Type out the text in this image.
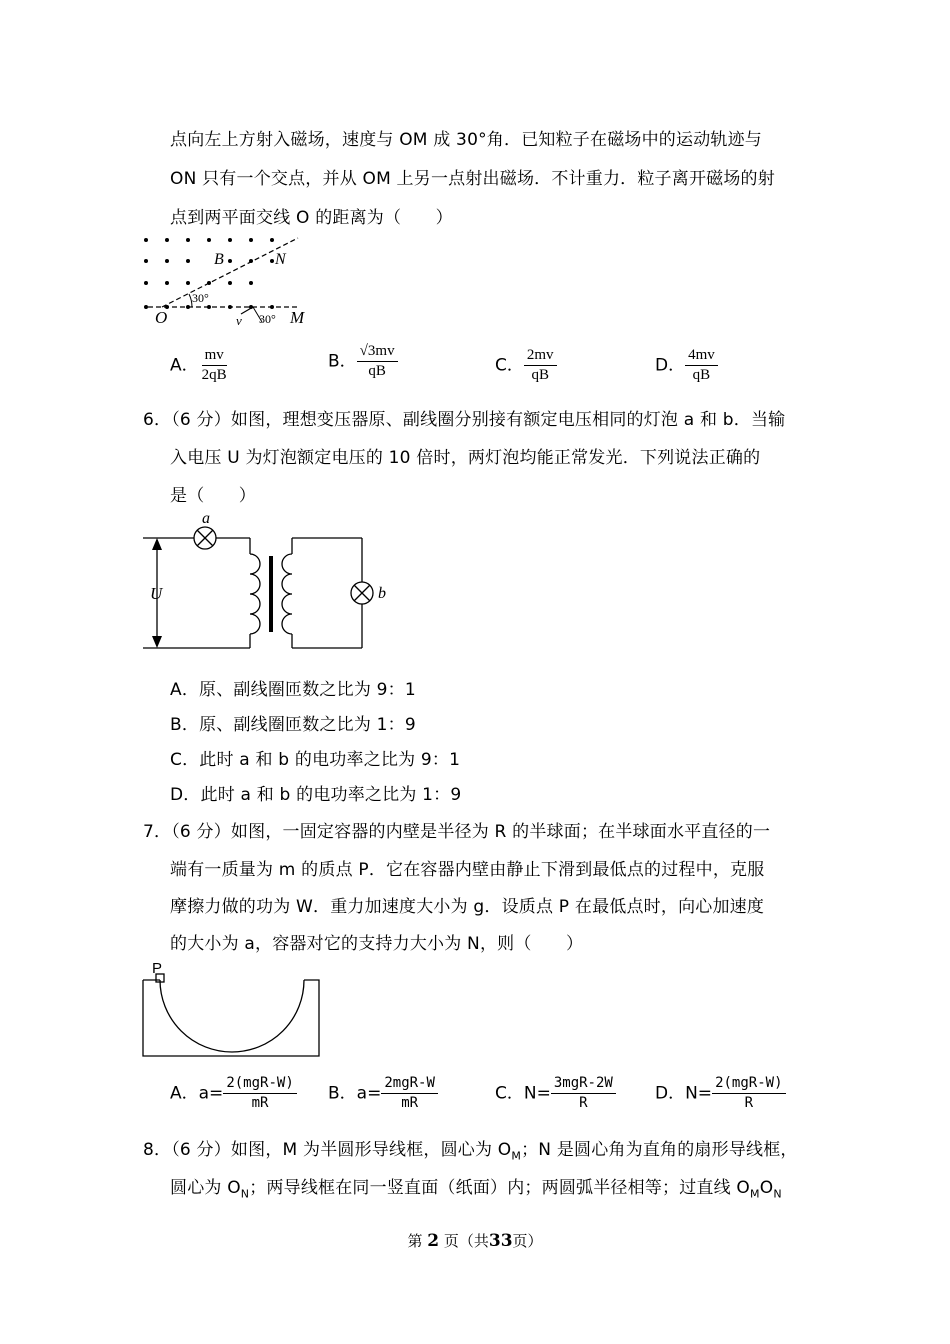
点向左上方射入磁场，速度与 OM 成 30°角．已知粒子在磁场中的运动轨迹与
ON 只有一个交点，并从 OM 上另一点射出磁场．不计重力．粒子离开磁场的射
点到两平面交线 O 的距离为（　　）
O	M
B	N
v
30°
30°
A． $\frac{mv}{2qB}$	B． $\frac{√3mv}{qB}$	C． $\frac{2mv}{qB}$	D． $\frac{4mv}{qB}$
6．（6 分）如图，理想变压器原、副线圈分别接有额定电压相同的灯泡 a 和 b．当输
入电压 U 为灯泡额定电压的 10 倍时，两灯泡均能正常发光．下列说法正确的
是（　　）
a
b
U
A．原、副线圈匝数之比为 9：1
B．原、副线圈匝数之比为 1：9
C．此时 a 和 b 的电功率之比为 9：1
D．此时 a 和 b 的电功率之比为 1：9
7．（6 分）如图，一固定容器的内壁是半径为 R 的半球面；在半球面水平直径的一
端有一质量为 m 的质点 P．它在容器内壁由静止下滑到最低点的过程中，克服
摩擦力做的功为 W．重力加速度大小为 g．设质点 P 在最低点时，向心加速度
的大小为 a，容器对它的支持力大小为 N，则（　　）
P
A．$a= \frac{\text{2(mgR-W)}}{mR}$ B．$a= \frac{\text{2mgR-W}}{mR}$	C．$N= \frac{\text{3mgR-2W}}{R}$ D．$N= \frac{\text{2(mgR-W)}}{R}$
8．（6 分）如图，M 为半圆形导线框，圆心为 $O_M$；N 是圆心角为直角的扇形导线框，
圆心为 $O_N$；两导线框在同一竖直面（纸面）内；两圆弧半径相等；过直线 $O_MO_N$
第 2 页（共33页）
